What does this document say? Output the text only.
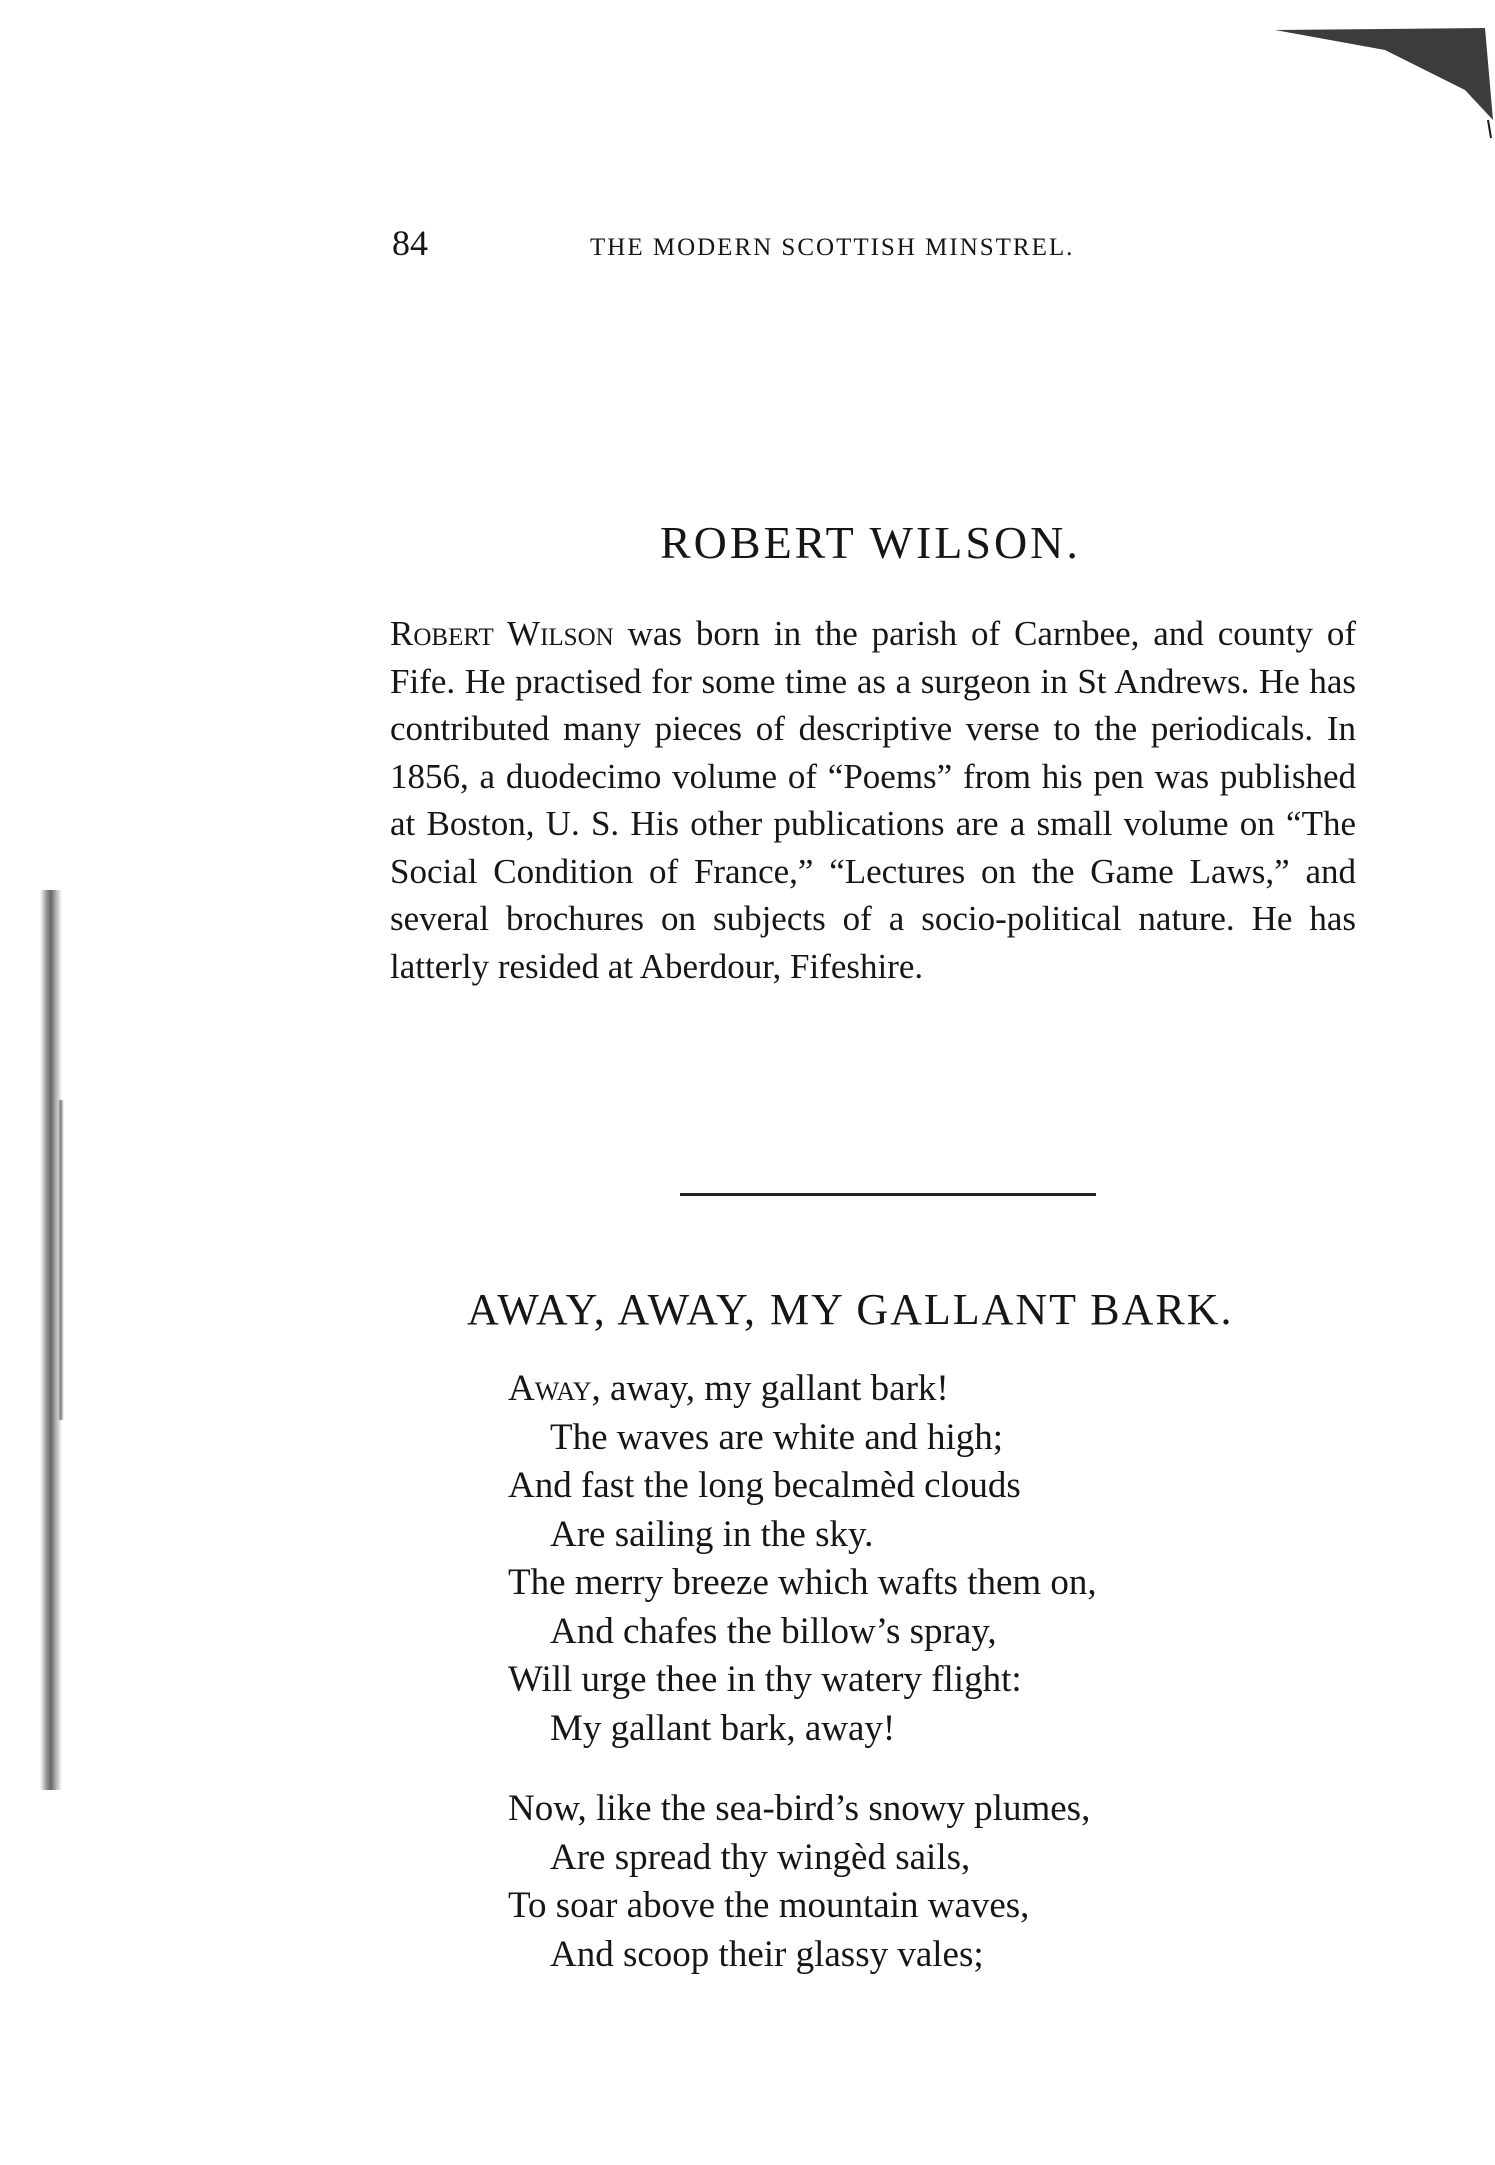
84	THE MODERN SCOTTISH MINSTREL.
ROBERT WILSON.
Robert Wilson was born in the parish of Carnbee, and county of Fife. He practised for some time as a surgeon in St Andrews. He has contributed many pieces of descriptive verse to the periodicals. In 1856, a duodecimo volume of “Poems” from his pen was published at Boston, U. S. His other publications are a small volume on “The Social Condition of France,” “Lectures on the Game Laws,” and several brochures on subjects of a socio-political nature. He has latterly resided at Aberdour, Fifeshire.
AWAY, AWAY, MY GALLANT BARK.
Away, away, my gallant bark!
The waves are white and high;
And fast the long becalmèd clouds
Are sailing in the sky.
The merry breeze which wafts them on,
And chafes the billow’s spray,
Will urge thee in thy watery flight:
My gallant bark, away!
Now, like the sea-bird’s snowy plumes,
Are spread thy wingèd sails,
To soar above the mountain waves,
And scoop their glassy vales;
